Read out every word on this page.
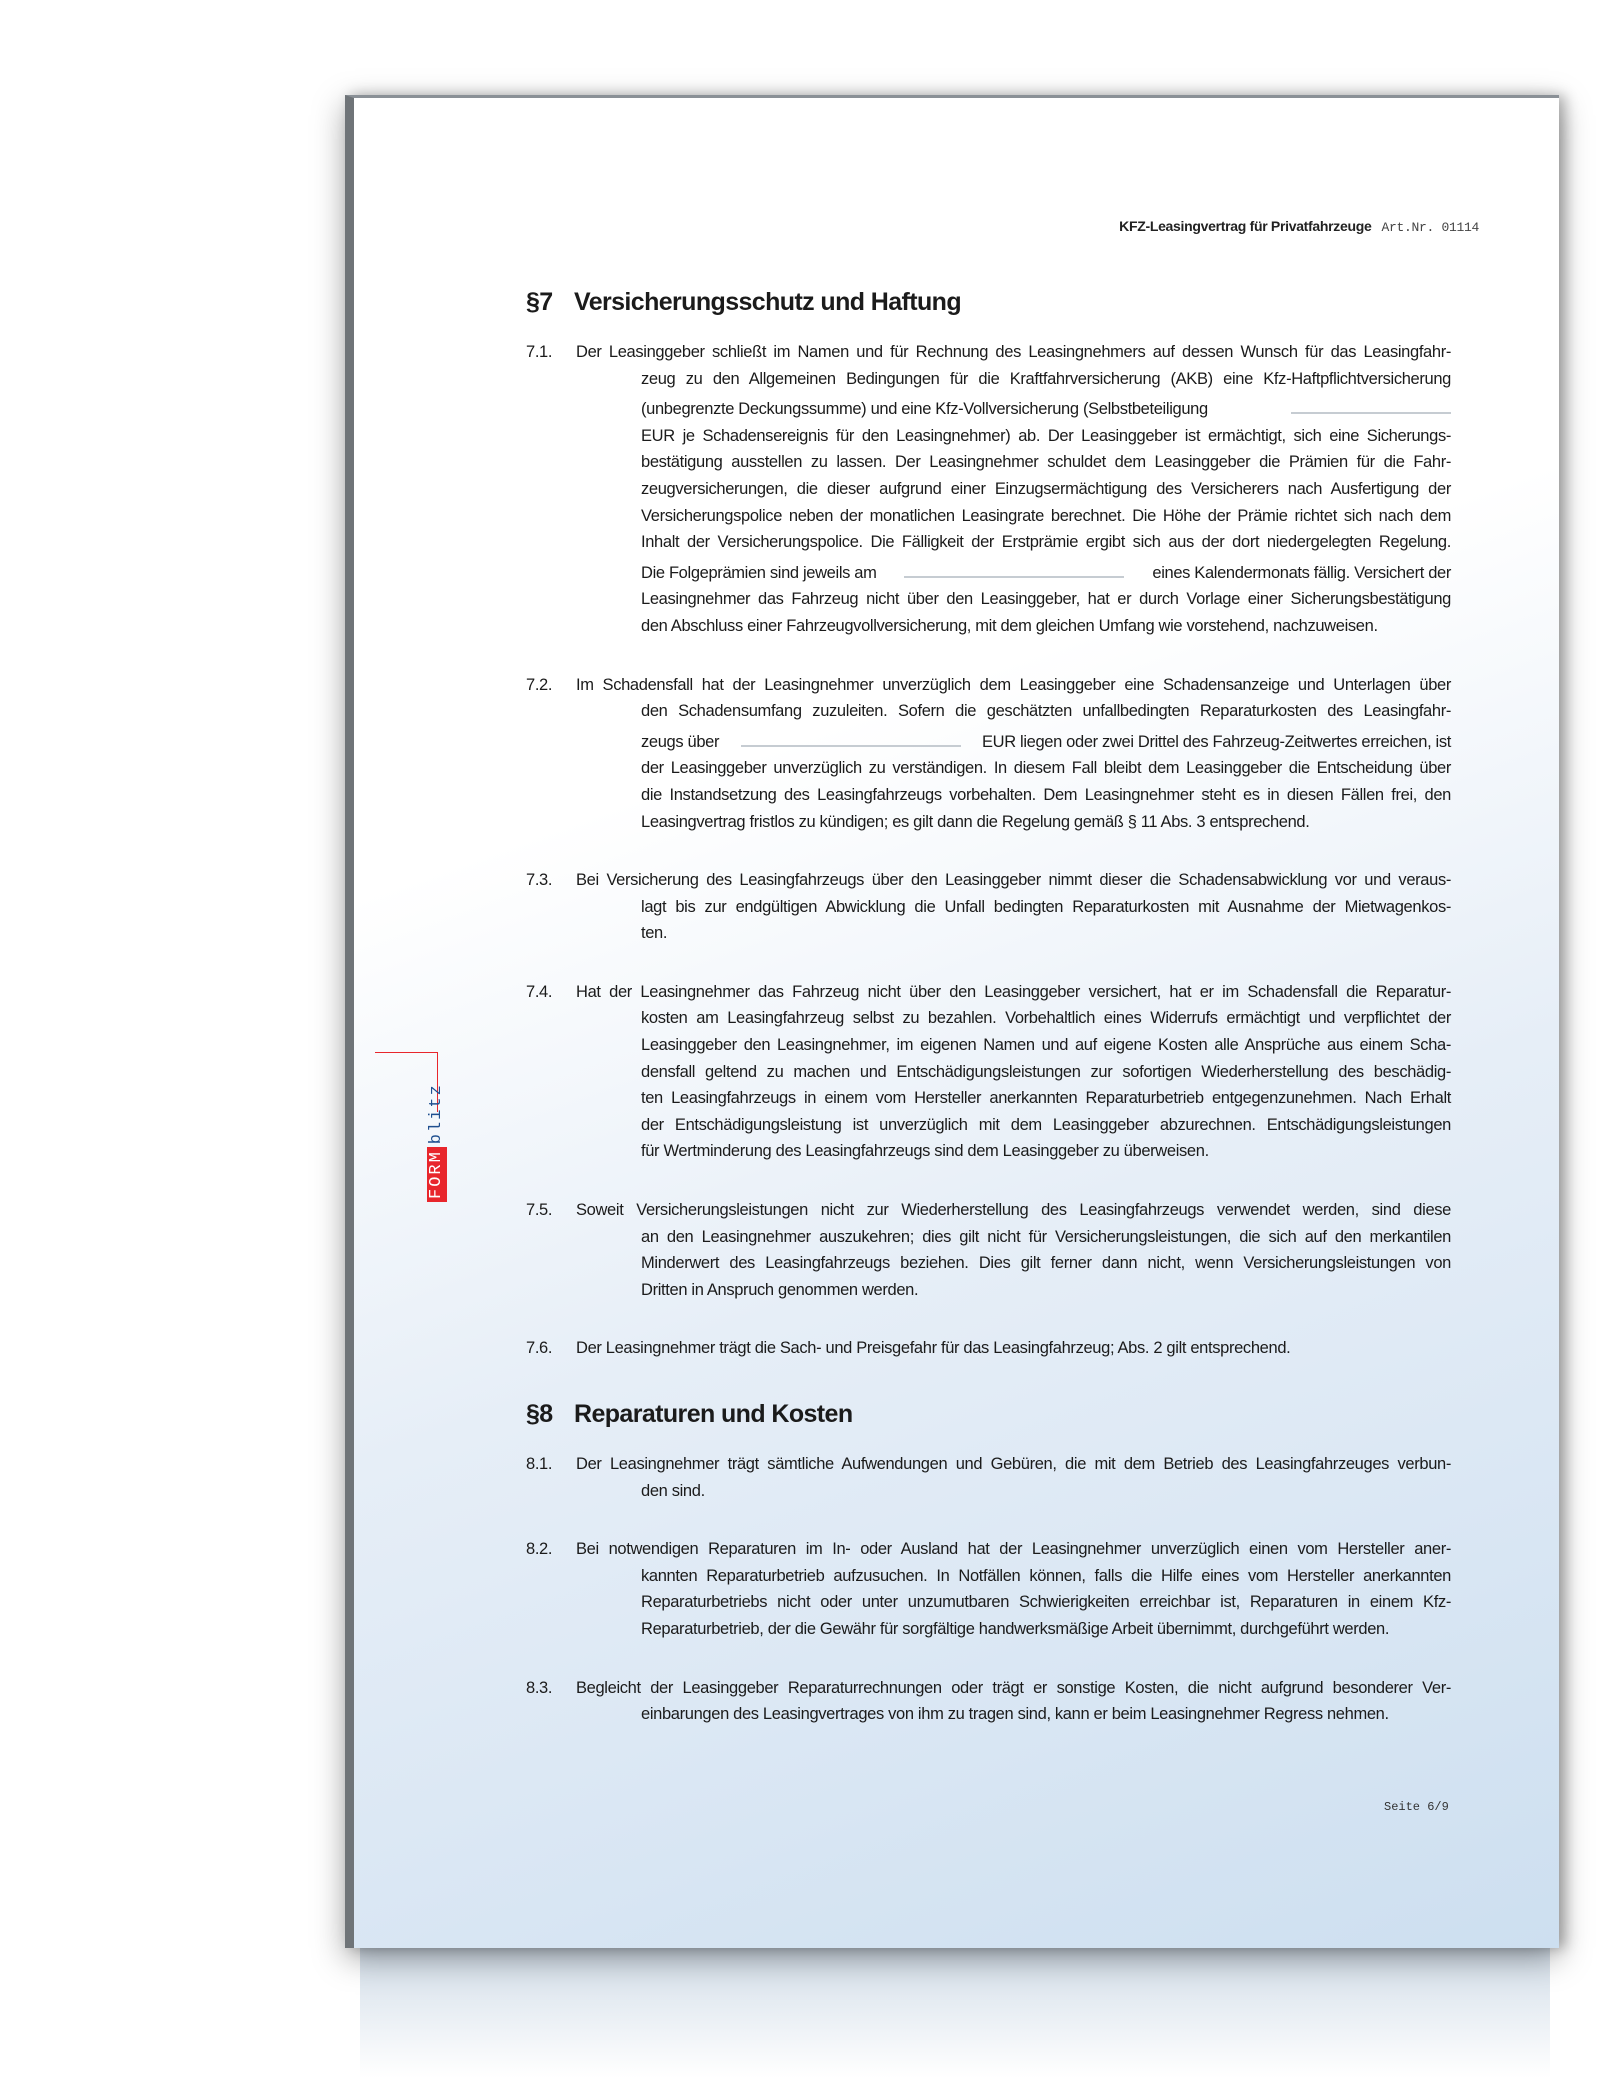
KFZ-Leasingvertrag für Privatfahrzeuge Art.Nr. 01114
§7 Versicherungsschutz und Haftung
7.1. Der Leasinggeber schließt im Namen und für Rechnung des Leasingnehmers auf dessen Wunsch für das Leasingfahr-
zeug zu den Allgemeinen Bedingungen für die Kraftfahrversicherung (AKB) eine Kfz-Haftpflichtversicherung
(unbegrenzte Deckungssumme) und eine Kfz-Vollversicherung (Selbstbeteiligung
EUR je Schadensereignis für den Leasingnehmer) ab. Der Leasinggeber ist ermächtigt, sich eine Sicherungs-
bestätigung ausstellen zu lassen. Der Leasingnehmer schuldet dem Leasinggeber die Prämien für die Fahr-
zeugversicherungen, die dieser aufgrund einer Einzugsermächtigung des Versicherers nach Ausfertigung der
Versicherungspolice neben der monatlichen Leasingrate berechnet. Die Höhe der Prämie richtet sich nach dem
Inhalt der Versicherungspolice. Die Fälligkeit der Erstprämie ergibt sich aus der dort niedergelegten Regelung.
Die Folgeprämien sind jeweils am	eines Kalendermonats fällig. Versichert der
Leasingnehmer das Fahrzeug nicht über den Leasinggeber, hat er durch Vorlage einer Sicherungsbestätigung
den Abschluss einer Fahrzeugvollversicherung, mit dem gleichen Umfang wie vorstehend, nachzuweisen.
7.2. Im Schadensfall hat der Leasingnehmer unverzüglich dem Leasinggeber eine Schadensanzeige und Unterlagen über
den Schadensumfang zuzuleiten. Sofern die geschätzten unfallbedingten Reparaturkosten des Leasingfahr-
zeugs über	EUR liegen oder zwei Drittel des Fahrzeug-Zeitwertes erreichen, ist
der Leasinggeber unverzüglich zu verständigen. In diesem Fall bleibt dem Leasinggeber die Entscheidung über
die Instandsetzung des Leasingfahrzeugs vorbehalten. Dem Leasingnehmer steht es in diesen Fällen frei, den
Leasingvertrag fristlos zu kündigen; es gilt dann die Regelung gemäß § 11 Abs. 3 entsprechend.
7.3. Bei Versicherung des Leasingfahrzeugs über den Leasinggeber nimmt dieser die Schadensabwicklung vor und veraus-
lagt bis zur endgültigen Abwicklung die Unfall bedingten Reparaturkosten mit Ausnahme der Mietwagenkos-
ten.
7.4. Hat der Leasingnehmer das Fahrzeug nicht über den Leasinggeber versichert, hat er im Schadensfall die Reparatur-
kosten am Leasingfahrzeug selbst zu bezahlen. Vorbehaltlich eines Widerrufs ermächtigt und verpflichtet der
Leasinggeber den Leasingnehmer, im eigenen Namen und auf eigene Kosten alle Ansprüche aus einem Scha-
densfall geltend zu machen und Entschädigungsleistungen zur sofortigen Wiederherstellung des beschädig-
ten Leasingfahrzeugs in einem vom Hersteller anerkannten Reparaturbetrieb entgegenzunehmen. Nach Erhalt
der Entschädigungsleistung ist unverzüglich mit dem Leasinggeber abzurechnen. Entschädigungsleistungen
für Wertminderung des Leasingfahrzeugs sind dem Leasinggeber zu überweisen.
7.5. Soweit Versicherungsleistungen nicht zur Wiederherstellung des Leasingfahrzeugs verwendet werden, sind diese
an den Leasingnehmer auszukehren; dies gilt nicht für Versicherungsleistungen, die sich auf den merkantilen
Minderwert des Leasingfahrzeugs beziehen. Dies gilt ferner dann nicht, wenn Versicherungsleistungen von
Dritten in Anspruch genommen werden.
7.6. Der Leasingnehmer trägt die Sach- und Preisgefahr für das Leasingfahrzeug; Abs. 2 gilt entsprechend.
§8 Reparaturen und Kosten
8.1. Der Leasingnehmer trägt sämtliche Aufwendungen und Gebüren, die mit dem Betrieb des Leasingfahrzeuges verbun-
den sind.
8.2. Bei notwendigen Reparaturen im In- oder Ausland hat der Leasingnehmer unverzüglich einen vom Hersteller aner-
kannten Reparaturbetrieb aufzusuchen. In Notfällen können, falls die Hilfe eines vom Hersteller anerkannten
Reparaturbetriebs nicht oder unter unzumutbaren Schwierigkeiten erreichbar ist, Reparaturen in einem Kfz-
Reparaturbetrieb, der die Gewähr für sorgfältige handwerksmäßige Arbeit übernimmt, durchgeführt werden.
8.3. Begleicht der Leasinggeber Reparaturrechnungen oder trägt er sonstige Kosten, die nicht aufgrund besonderer Ver-
einbarungen des Leasingvertrages von ihm zu tragen sind, kann er beim Leasingnehmer Regress nehmen.
Seite 6/9
FORM
blitz
